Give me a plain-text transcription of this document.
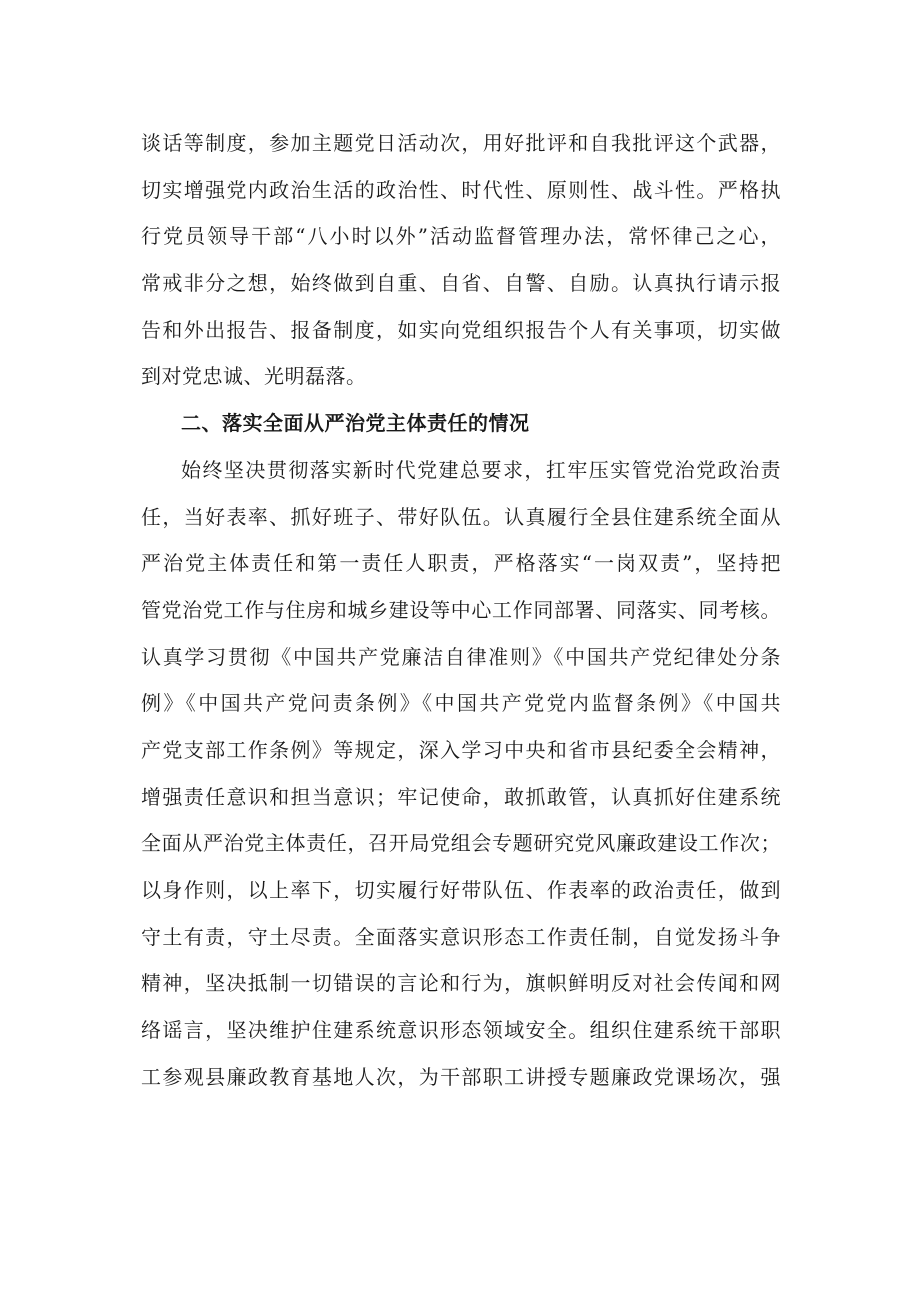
谈话等制度，参加主题党日活动次，用好批评和自我批评这个武器，
切实增强党内政治生活的政治性、时代性、原则性、战斗性。严格执
行党员领导干部“八小时以外”活动监督管理办法，常怀律己之心，
常戒非分之想，始终做到自重、自省、自警、自励。认真执行请示报
告和外出报告、报备制度，如实向党组织报告个人有关事项，切实做
到对党忠诚、光明磊落。
二、落实全面从严治党主体责任的情况
始终坚决贯彻落实新时代党建总要求，扛牢压实管党治党政治责
任，当好表率、抓好班子、带好队伍。认真履行全县住建系统全面从
严治党主体责任和第一责任人职责，严格落实“一岗双责”，坚持把
管党治党工作与住房和城乡建设等中心工作同部署、同落实、同考核。
认真学习贯彻《中国共产党廉洁自律准则》《中国共产党纪律处分条
例》《中国共产党问责条例》《中国共产党党内监督条例》《中国共
产党支部工作条例》等规定，深入学习中央和省市县纪委全会精神，
增强责任意识和担当意识；牢记使命，敢抓敢管，认真抓好住建系统
全面从严治党主体责任，召开局党组会专题研究党风廉政建设工作次；
以身作则，以上率下，切实履行好带队伍、作表率的政治责任，做到
守土有责，守土尽责。全面落实意识形态工作责任制，自觉发扬斗争
精神，坚决抵制一切错误的言论和行为，旗帜鲜明反对社会传闻和网
络谣言，坚决维护住建系统意识形态领域安全。组织住建系统干部职
工参观县廉政教育基地人次，为干部职工讲授专题廉政党课场次，强
